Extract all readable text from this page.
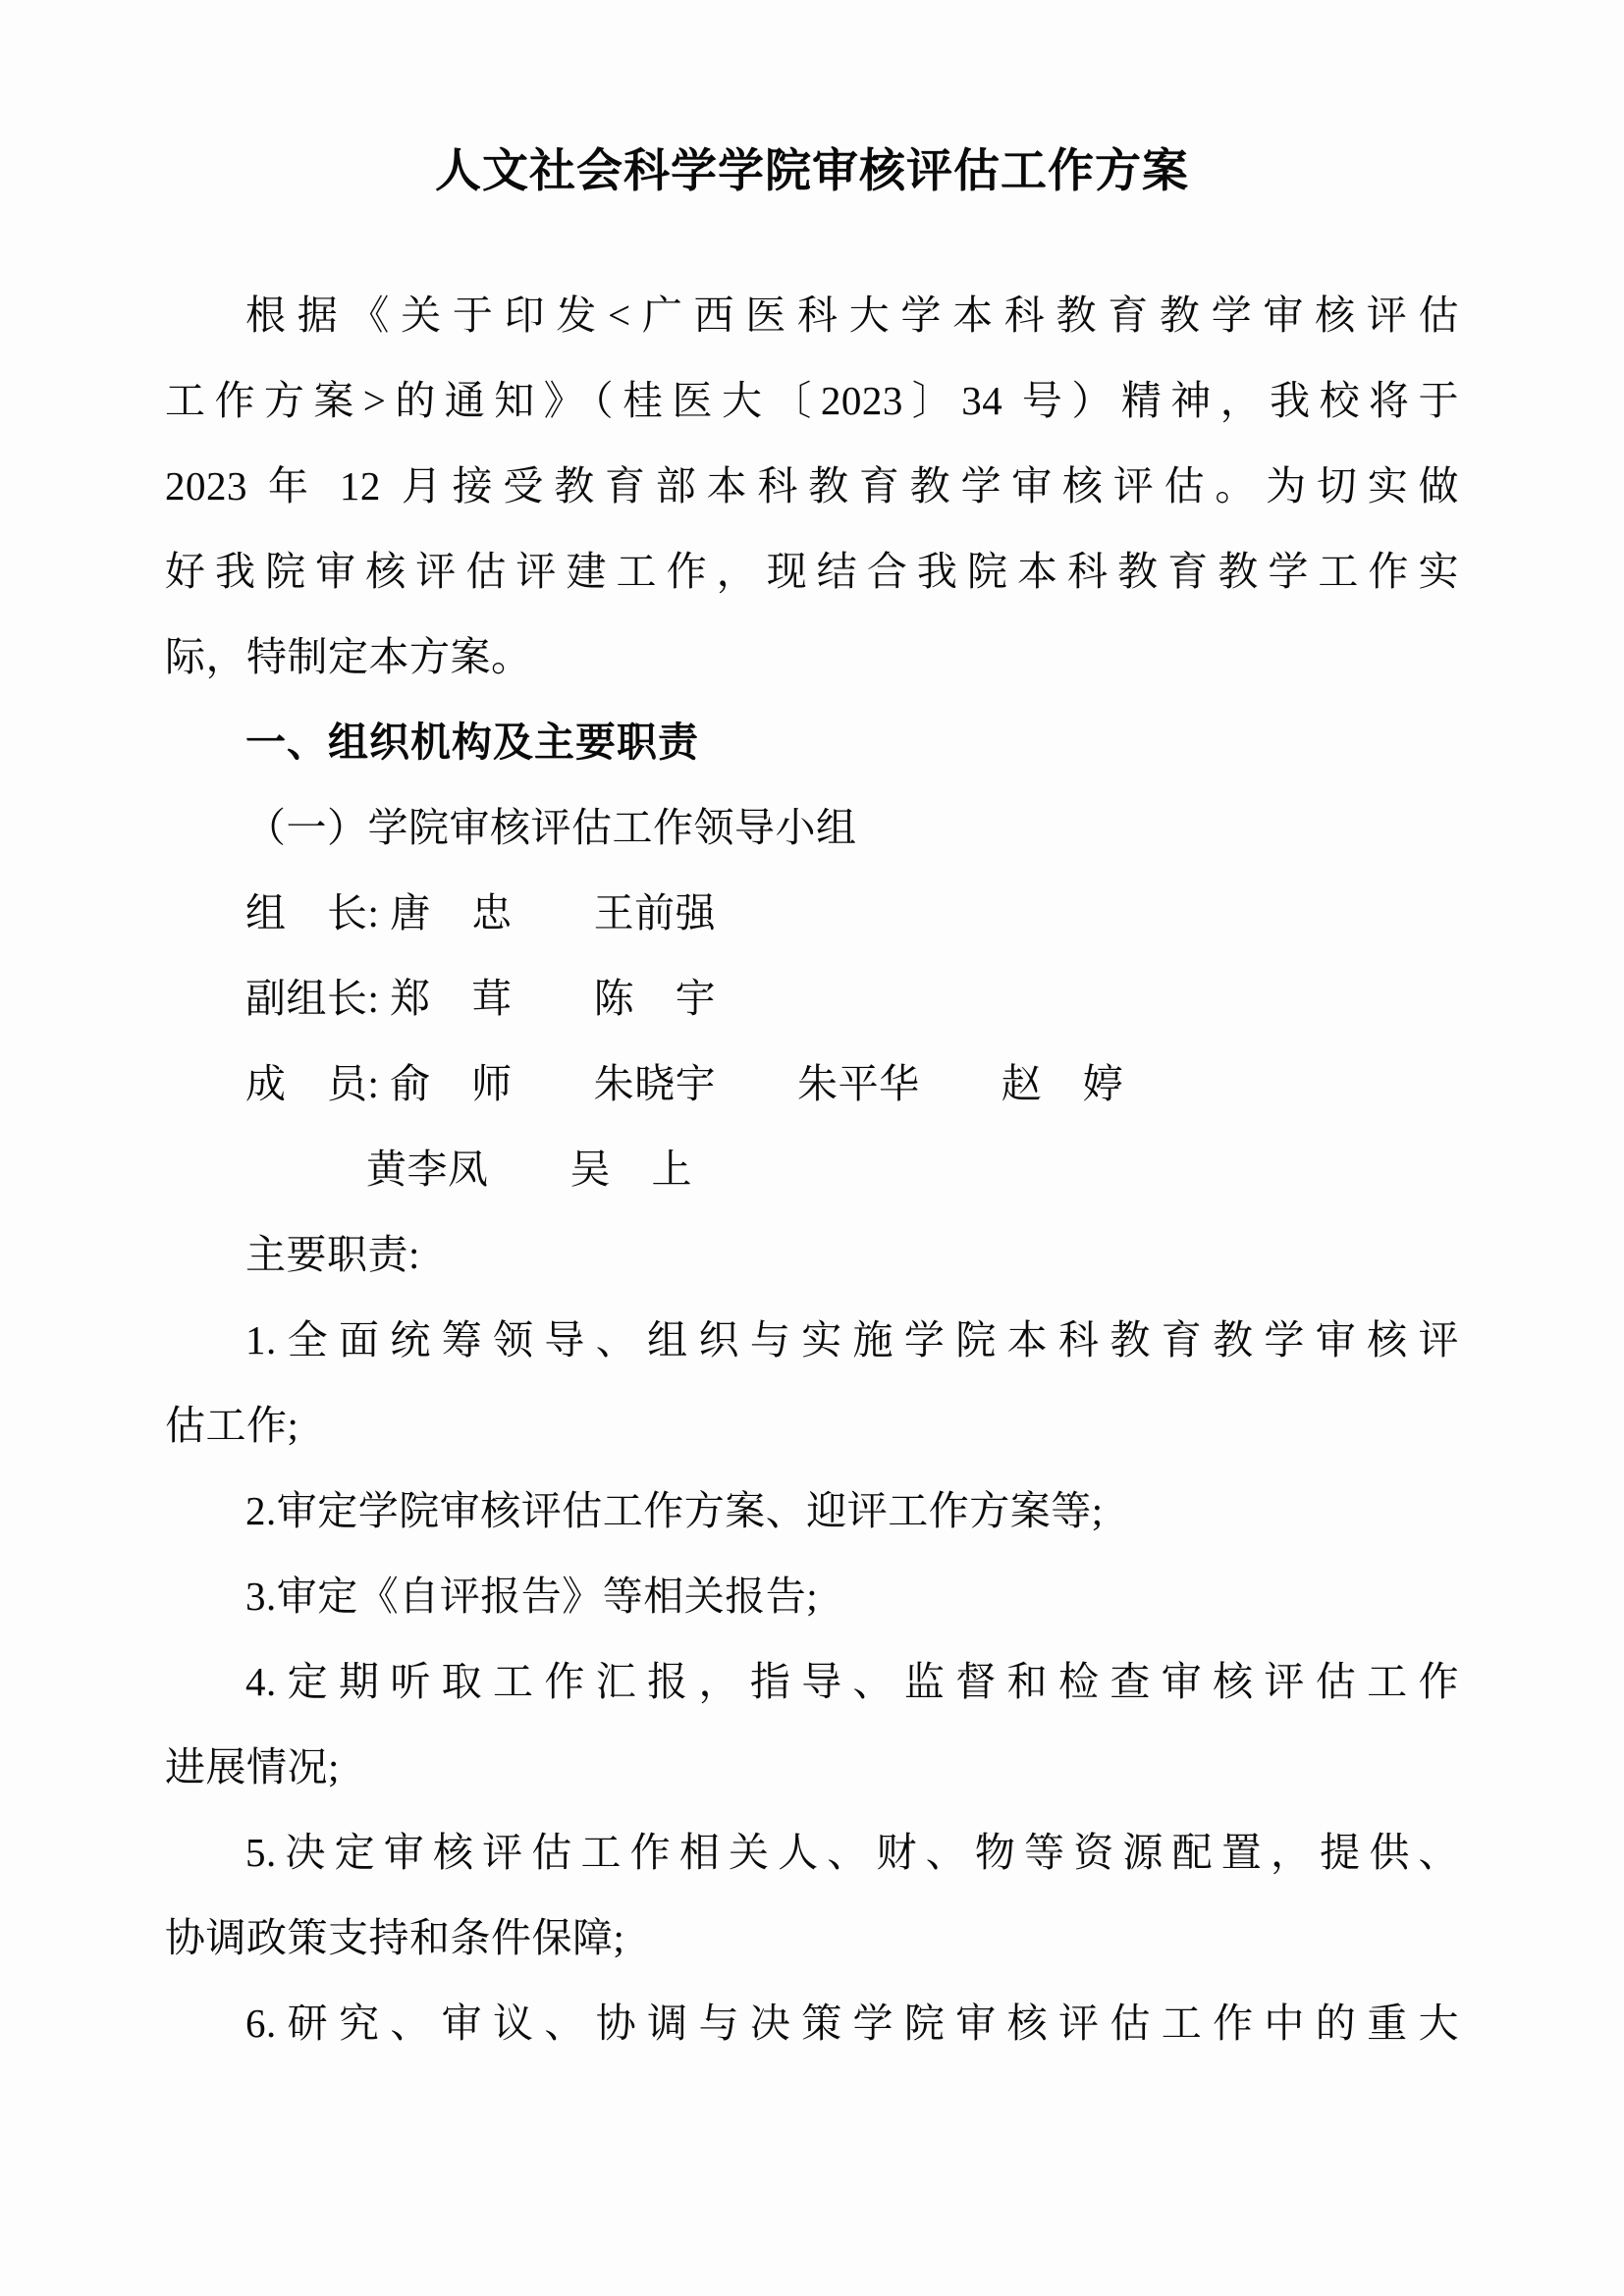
人文社会科学学院审核评估工作方案
根据《关于印发<广西医科大学本科教育教学审核评估
工作方案>的通知》（桂医大〔2023〕34 号）精神，我校将于
2023 年 12 月接受教育部本科教育教学审核评估。为切实做
好我院审核评估评建工作，现结合我院本科教育教学工作实
际，特制定本方案。
一、组织机构及主要职责
（一）学院审核评估工作领导小组
组　长: 唐　忠　　王前强
副组长: 郑　茸　　陈　宇
成　员: 俞　师　　朱晓宇　　朱平华　　赵　婷
黄李凤　　吴　上
主要职责:
1.全面统筹领导、组织与实施学院本科教育教学审核评
估工作;
2.审定学院审核评估工作方案、迎评工作方案等;
3.审定《自评报告》等相关报告;
4.定期听取工作汇报，指导、监督和检查审核评估工作
进展情况;
5.决定审核评估工作相关人、财、物等资源配置，提供、
协调政策支持和条件保障;
6.研究、审议、协调与决策学院审核评估工作中的重大
